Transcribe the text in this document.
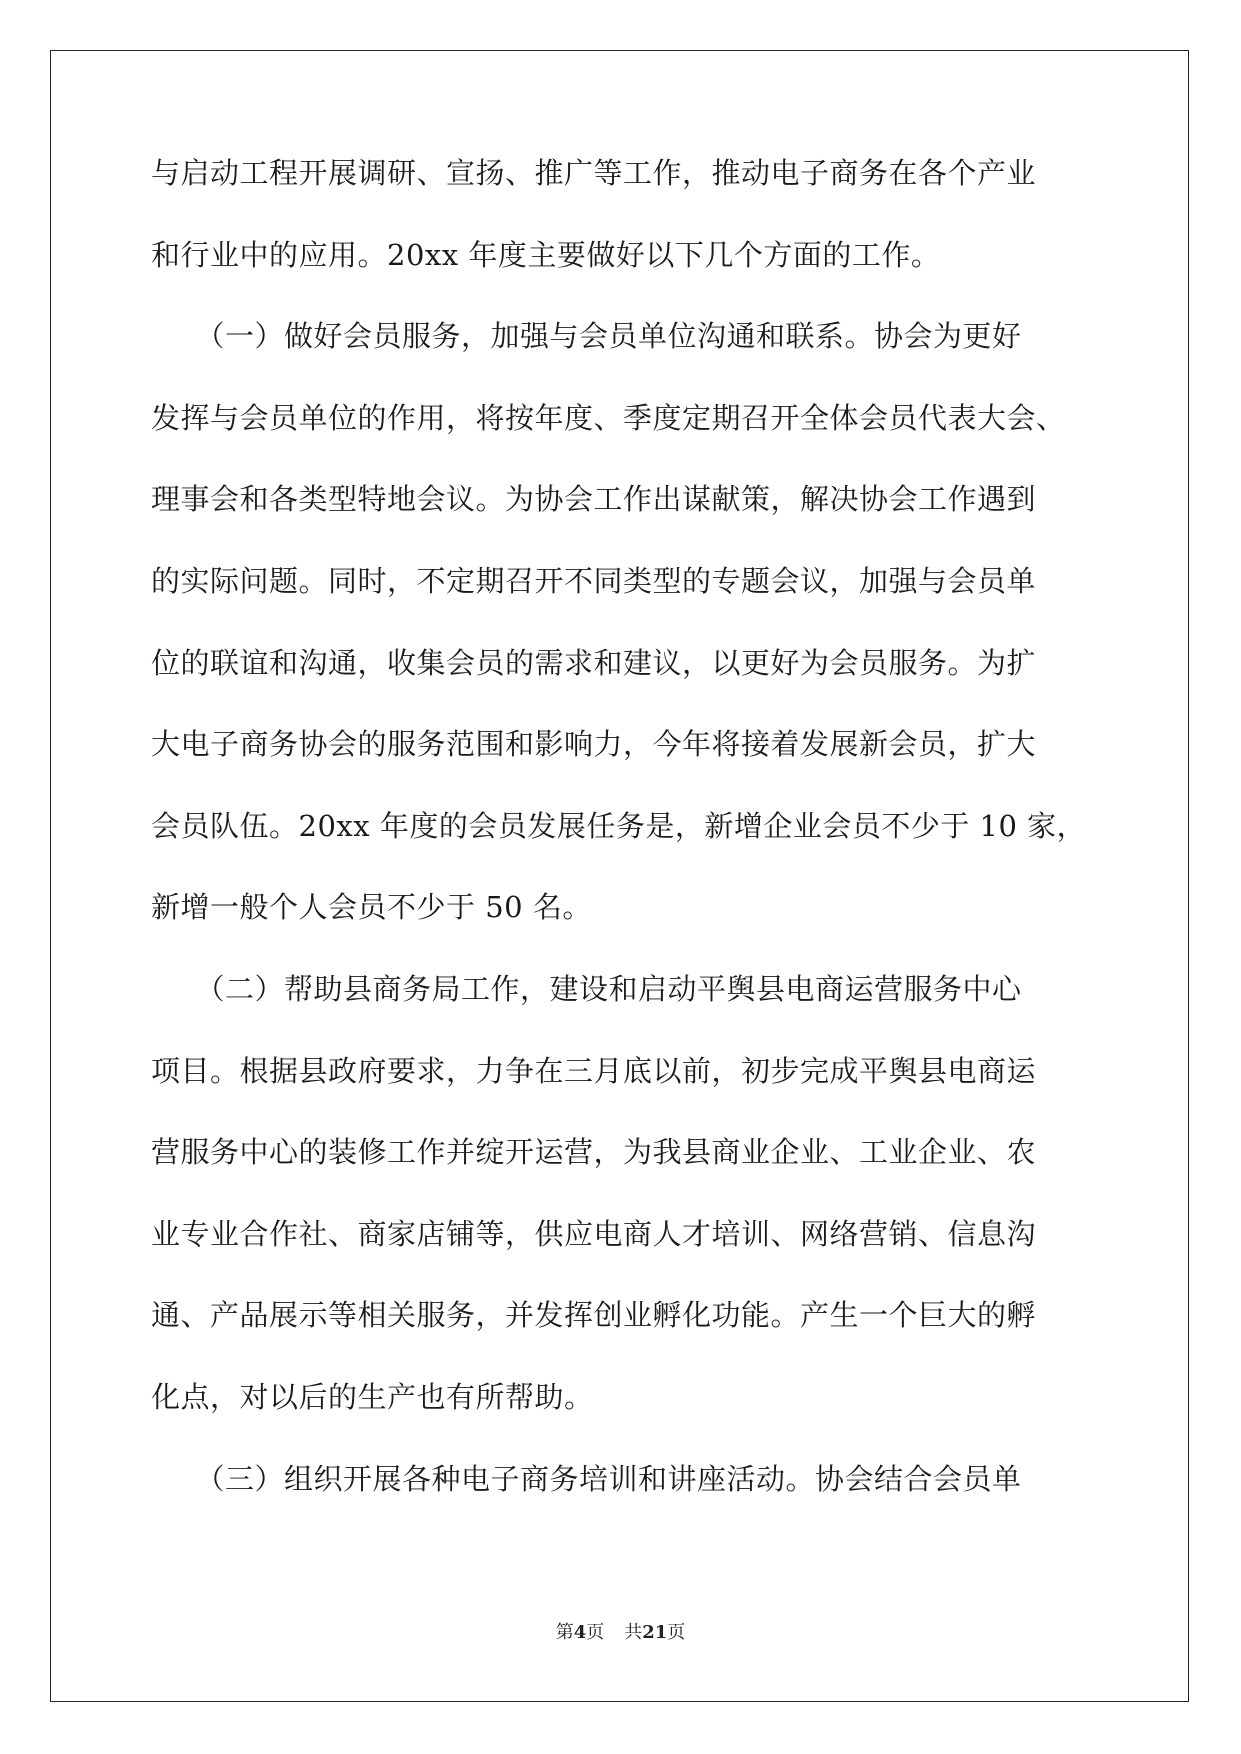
与启动工程开展调研、宣扬、推广等工作，推动电子商务在各个产业
和行业中的应用。20xx 年度主要做好以下几个方面的工作。
　　（一）做好会员服务，加强与会员单位沟通和联系。协会为更好
发挥与会员单位的作用，将按年度、季度定期召开全体会员代表大会、
理事会和各类型特地会议。为协会工作出谋献策，解决协会工作遇到
的实际问题。同时，不定期召开不同类型的专题会议，加强与会员单
位的联谊和沟通，收集会员的需求和建议，以更好为会员服务。为扩
大电子商务协会的服务范围和影响力，今年将接着发展新会员，扩大
会员队伍。20xx 年度的会员发展任务是，新增企业会员不少于 10 家，
新增一般个人会员不少于 50 名。
　　（二）帮助县商务局工作，建设和启动平舆县电商运营服务中心
项目。根据县政府要求，力争在三月底以前，初步完成平舆县电商运
营服务中心的装修工作并绽开运营，为我县商业企业、工业企业、农
业专业合作社、商家店铺等，供应电商人才培训、网络营销、信息沟
通、产品展示等相关服务，并发挥创业孵化功能。产生一个巨大的孵
化点，对以后的生产也有所帮助。
　　（三）组织开展各种电子商务培训和讲座活动。协会结合会员单
第4页 共21页
